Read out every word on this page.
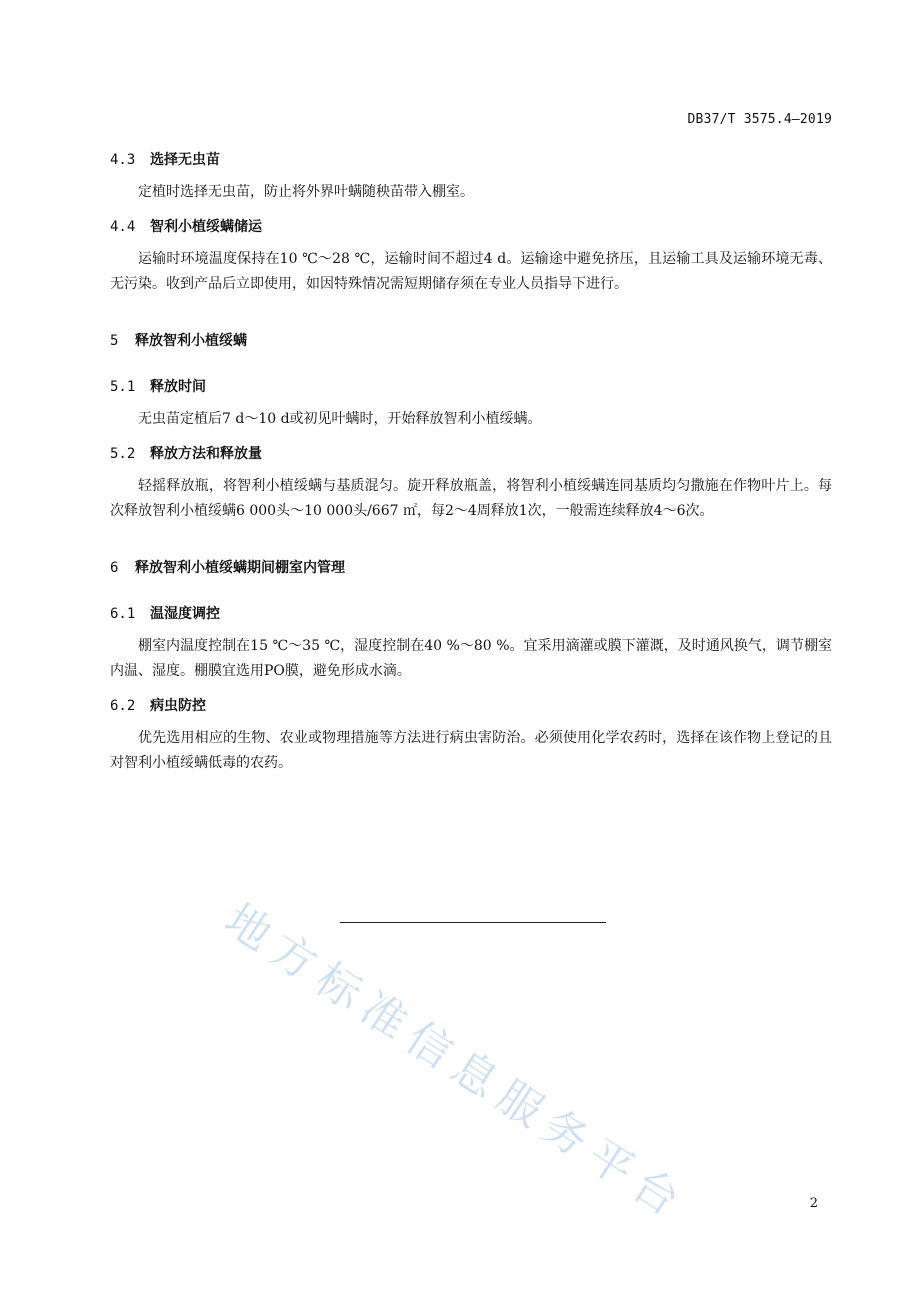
DB37/T 3575.4—2019
4.3 选择无虫苗

定植时选择无虫苗，防止将外界叶螨随秧苗带入棚室。

4.4 智利小植绥螨储运

运输时环境温度保持在10 ℃～28 ℃，运输时间不超过4 d。运输途中避免挤压，且运输工具及运输环境无毒、无污染。收到产品后立即使用，如因特殊情况需短期储存须在专业人员指导下进行。

5 释放智利小植绥螨
5.1 释放时间

无虫苗定植后7 d～10 d或初见叶螨时，开始释放智利小植绥螨。

5.2 释放方法和释放量

轻摇释放瓶，将智利小植绥螨与基质混匀。旋开释放瓶盖，将智利小植绥螨连同基质均匀撒施在作物叶片上。每次释放智利小植绥螨6 000头～10 000头/667 ㎡，每2～4周释放1次，一般需连续释放4～6次。

6 释放智利小植绥螨期间棚室内管理
6.1 温湿度调控

棚室内温度控制在15 ℃～35 ℃，湿度控制在40 %～80 %。宜采用滴灌或膜下灌溉，及时通风换气，调节棚室内温、湿度。棚膜宜选用PO膜，避免形成水滴。

6.2 病虫防控

优先选用相应的生物、农业或物理措施等方法进行病虫害防治。必须使用化学农药时，选择在该作物上登记的且对智利小植绥螨低毒的农药。

地方标准信息服务平台	2
